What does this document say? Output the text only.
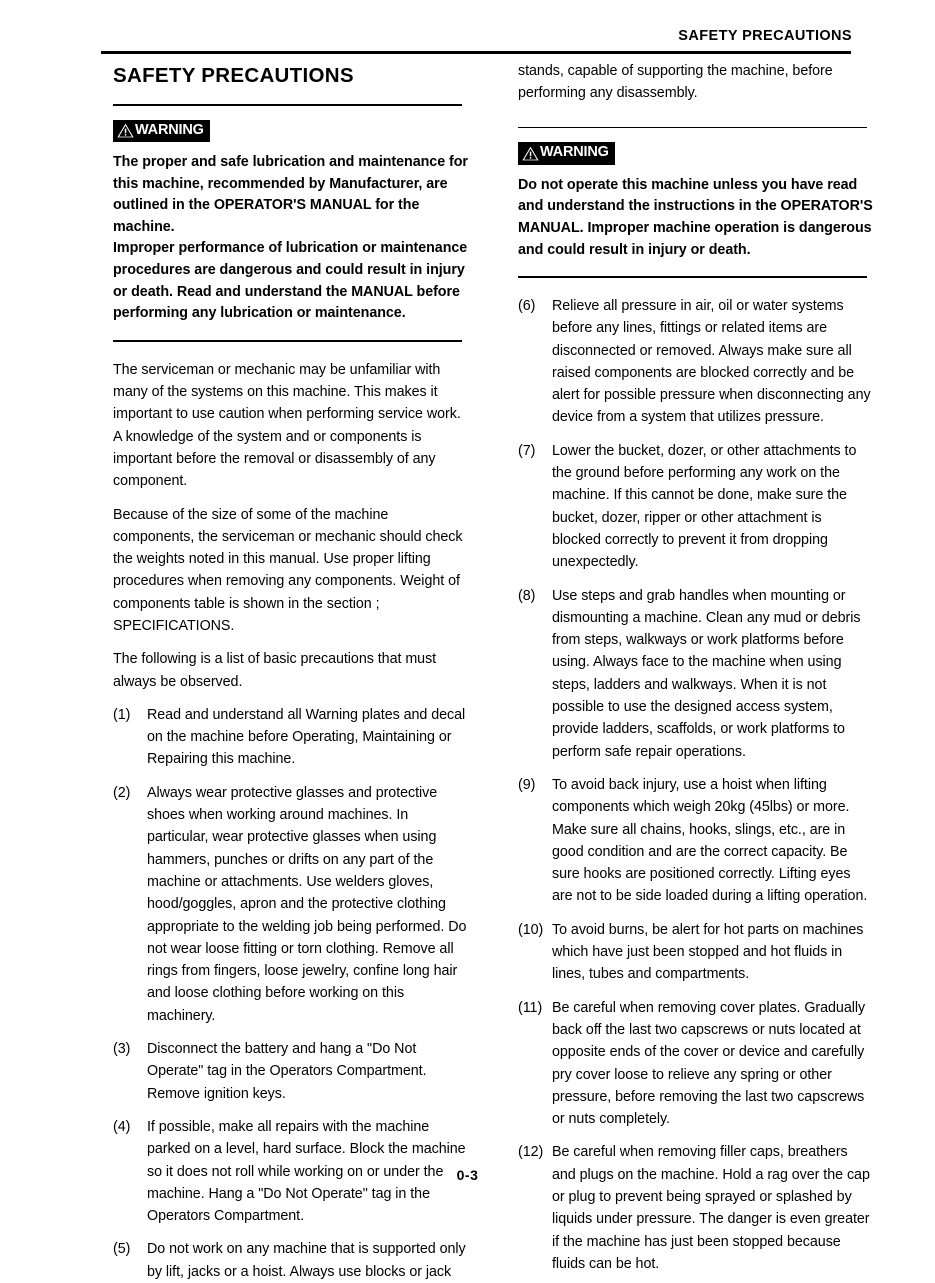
SAFETY PRECAUTIONS
SAFETY PRECAUTIONS
WARNING

The proper and safe lubrication and maintenance for this machine, recommended by Manufacturer, are outlined in the OPERATOR'S MANUAL for the machine.

Improper performance of lubrication or maintenance procedures are dangerous and could result in injury or death. Read and understand the MANUAL before performing any lubrication or maintenance.

The serviceman or mechanic may be unfamiliar with many of the systems on this machine. This makes it important to use caution when performing service work. A knowledge of the system and or components is important before the removal or disassembly of any component.
Because of the size of some of the machine components, the serviceman or mechanic should check the weights noted in this manual. Use proper lifting procedures when removing any components. Weight of components table is shown in the section ; SPECIFICATIONS.
The following is a list of basic precautions that must always be observed.
(1)	Read and understand all Warning plates and decal on the machine before Operating, Maintaining or Repairing this machine.
(2)	Always wear protective glasses and protective shoes when working around machines. In particular, wear protective glasses when using hammers, punches or drifts on any part of the machine or attachments. Use welders gloves, hood/goggles, apron and the protective clothing appropriate to the welding job being performed. Do not wear loose fitting or torn clothing. Remove all rings from fingers, loose jewelry, confine long hair and loose clothing before working on this machinery.
(3)	Disconnect the battery and hang a "Do Not Operate" tag in the Operators Compartment. Remove ignition keys.
(4)	If possible, make all repairs with the machine parked on a level, hard surface. Block the machine so it does not roll while working on or under the machine. Hang a "Do Not Operate" tag in the Operators Compartment.
(5)	Do not work on any machine that is supported only by lift, jacks or a hoist. Always use blocks or jack
stands, capable of supporting the machine, before performing any disassembly.
WARNING

Do not operate this machine unless you have read and understand the instructions in the OPERATOR'S MANUAL. Improper machine operation is dangerous and could result in injury or death.

(6)	Relieve all pressure in air, oil or water systems before any lines, fittings or related items are disconnected or removed. Always make sure all raised components are blocked correctly and be alert for possible pressure when disconnecting any device from a system that utilizes pressure.
(7)	Lower the bucket, dozer, or other attachments to the ground before performing any work on the machine. If this cannot be done, make sure the bucket, dozer, ripper or other attachment is blocked correctly to prevent it from dropping unexpectedly.
(8)	Use steps and grab handles when mounting or dismounting a machine. Clean any mud or debris from steps, walkways or work platforms before using. Always face to the machine when using steps, ladders and walkways. When it is not possible to use the designed access system, provide ladders, scaffolds, or work platforms to perform safe repair operations.
(9)	To avoid back injury, use a hoist when lifting components which weigh 20kg (45lbs) or more. Make sure all chains, hooks, slings, etc., are in good condition and are the correct capacity. Be sure hooks are positioned correctly. Lifting eyes are not to be side loaded during a lifting operation.
(10) To avoid burns, be alert for hot parts on machines which have just been stopped and hot fluids in lines, tubes and compartments.
(11) Be careful when removing cover plates. Gradually back off the last two capscrews or nuts located at opposite ends of the cover or device and carefully pry cover loose to relieve any spring or other pressure, before removing the last two capscrews or nuts completely.
(12) Be careful when removing filler caps, breathers and plugs on the machine. Hold a rag over the cap or plug to prevent being sprayed or splashed by liquids under pressure. The danger is even greater if the machine has just been stopped because fluids can be hot.
0-3
